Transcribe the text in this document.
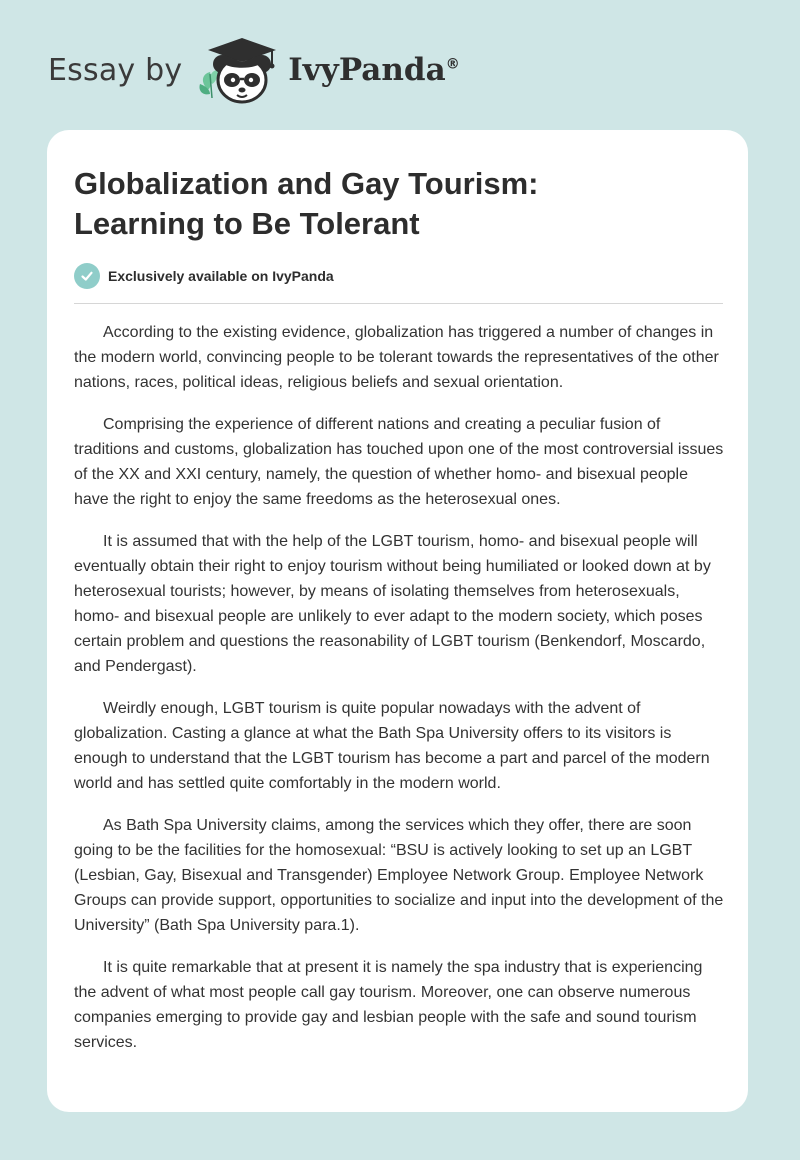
Essay by	IvyPanda®
Globalization and Gay Tourism:
Learning to Be Tolerant
Exclusively available on IvyPanda

According to the existing evidence, globalization has triggered a number of changes in the modern world, convincing people to be tolerant towards the representatives of the other nations, races, political ideas, religious beliefs and sexual orientation.

Comprising the experience of different nations and creating a peculiar fusion of traditions and customs, globalization has touched upon one of the most controversial issues of the XX and XXI century, namely, the question of whether homo- and bisexual people have the right to enjoy the same freedoms as the heterosexual ones.

It is assumed that with the help of the LGBT tourism, homo- and bisexual people will eventually obtain their right to enjoy tourism without being humiliated or looked down at by heterosexual tourists; however, by means of isolating themselves from heterosexuals, homo- and bisexual people are unlikely to ever adapt to the modern society, which poses certain problem and questions the reasonability of LGBT tourism (Benkendorf, Moscardo, and Pendergast).

Weirdly enough, LGBT tourism is quite popular nowadays with the advent of globalization. Casting a glance at what the Bath Spa University offers to its visitors is enough to understand that the LGBT tourism has become a part and parcel of the modern world and has settled quite comfortably in the modern world.

As Bath Spa University claims, among the services which they offer, there are soon going to be the facilities for the homosexual: “BSU is actively looking to set up an LGBT (Lesbian, Gay, Bisexual and Transgender) Employee Network Group. Employee Network Groups can provide support, opportunities to socialize and input into the development of the University” (Bath Spa University para.1).

It is quite remarkable that at present it is namely the spa industry that is experiencing the advent of what most people call gay tourism. Moreover, one can observe numerous companies emerging to provide gay and lesbian people with the safe and sound tourism services.
